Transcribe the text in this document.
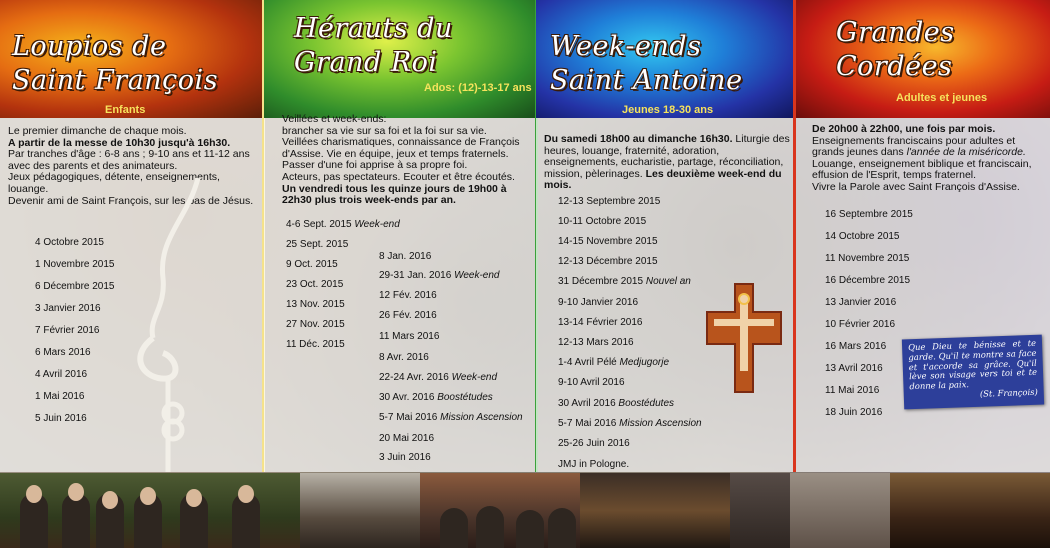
Loupios de
Saint François
Enfants
Le premier dimanche de chaque mois.
A partir de la messe de 10h30 jusqu'à 16h30.
Par tranches d'âge : 6-8 ans ; 9-10 ans et 11-12 ans avec des parents et des animateurs.
Jeux pédagogiques, détente, enseignements, louange.
Devenir ami de Saint François, sur les pas de Jésus.
4 Octobre 2015
1 Novembre 2015
6 Décembre 2015
3 Janvier 2016
7 Février 2016
6 Mars 2016
4 Avril 2016
1 Mai 2016
5 Juin 2016
Hérauts du
Grand Roi
Ados: (12)-13-17 ans
Veillées et week-ends:
brancher sa vie sur sa foi et la foi sur sa vie.
Veillées charismatiques, connaissance de François d'Assise. Vie en équipe, jeux et temps fraternels.
Passer d'une foi apprise à sa propre foi.
Acteurs, pas spectateurs. Ecouter et être écoutés.
Un vendredi tous les quinze jours de 19h00 à 22h30 plus trois week-ends par an.
4-6 Sept. 2015 Week-end
25 Sept. 2015
9 Oct. 2015
23 Oct. 2015
13 Nov. 2015
27 Nov. 2015
11 Déc. 2015
8 Jan. 2016
29-31 Jan. 2016 Week-end
12 Fév. 2016
26 Fév. 2016
11 Mars 2016
8 Avr. 2016
22-24 Avr. 2016 Week-end
30 Avr. 2016 Boostétudes
5-7 Mai 2016 Mission Ascension
20 Mai 2016
3 Juin 2016
Week-ends
Saint Antoine
Jeunes 18-30 ans
Du samedi 18h00 au dimanche 16h30. Liturgie des heures, louange, fraternité, adoration, enseignements, eucharistie, partage, réconciliation, mission, pèlerinages. Les deuxième week-end du mois.
12-13 Septembre 2015
10-11 Octobre 2015
14-15 Novembre 2015
12-13 Décembre 2015
31 Décembre 2015 Nouvel an
9-10 Janvier 2016
13-14 Février 2016
12-13 Mars 2016
1-4 Avril Pélé Medjugorje
9-10 Avril 2016
30 Avril 2016 Boostédutes
5-7 Mai 2016 Mission Ascension
25-26 Juin 2016
JMJ in Pologne.
Grandes
Cordées
Adultes et jeunes
De 20h00 à 22h00, une fois par mois.
Enseignements franciscains pour adultes et grands jeunes dans l'année de la miséricorde.
Louange, enseignement biblique et franciscain, effusion de l'Esprit, temps fraternel.
Vivre la Parole avec Saint François d'Assise.
16 Septembre 2015
14 Octobre 2015
11 Novembre 2015
16 Décembre 2015
13 Janvier 2016
10 Février 2016
16 Mars 2016
13 Avril 2016
11 Mai 2016
18 Juin 2016
Que Dieu te bénisse et te garde. Qu'il te montre sa face et t'accorde sa grâce. Qu'il lève son visage vers toi et te donne la paix.
(St. François)
